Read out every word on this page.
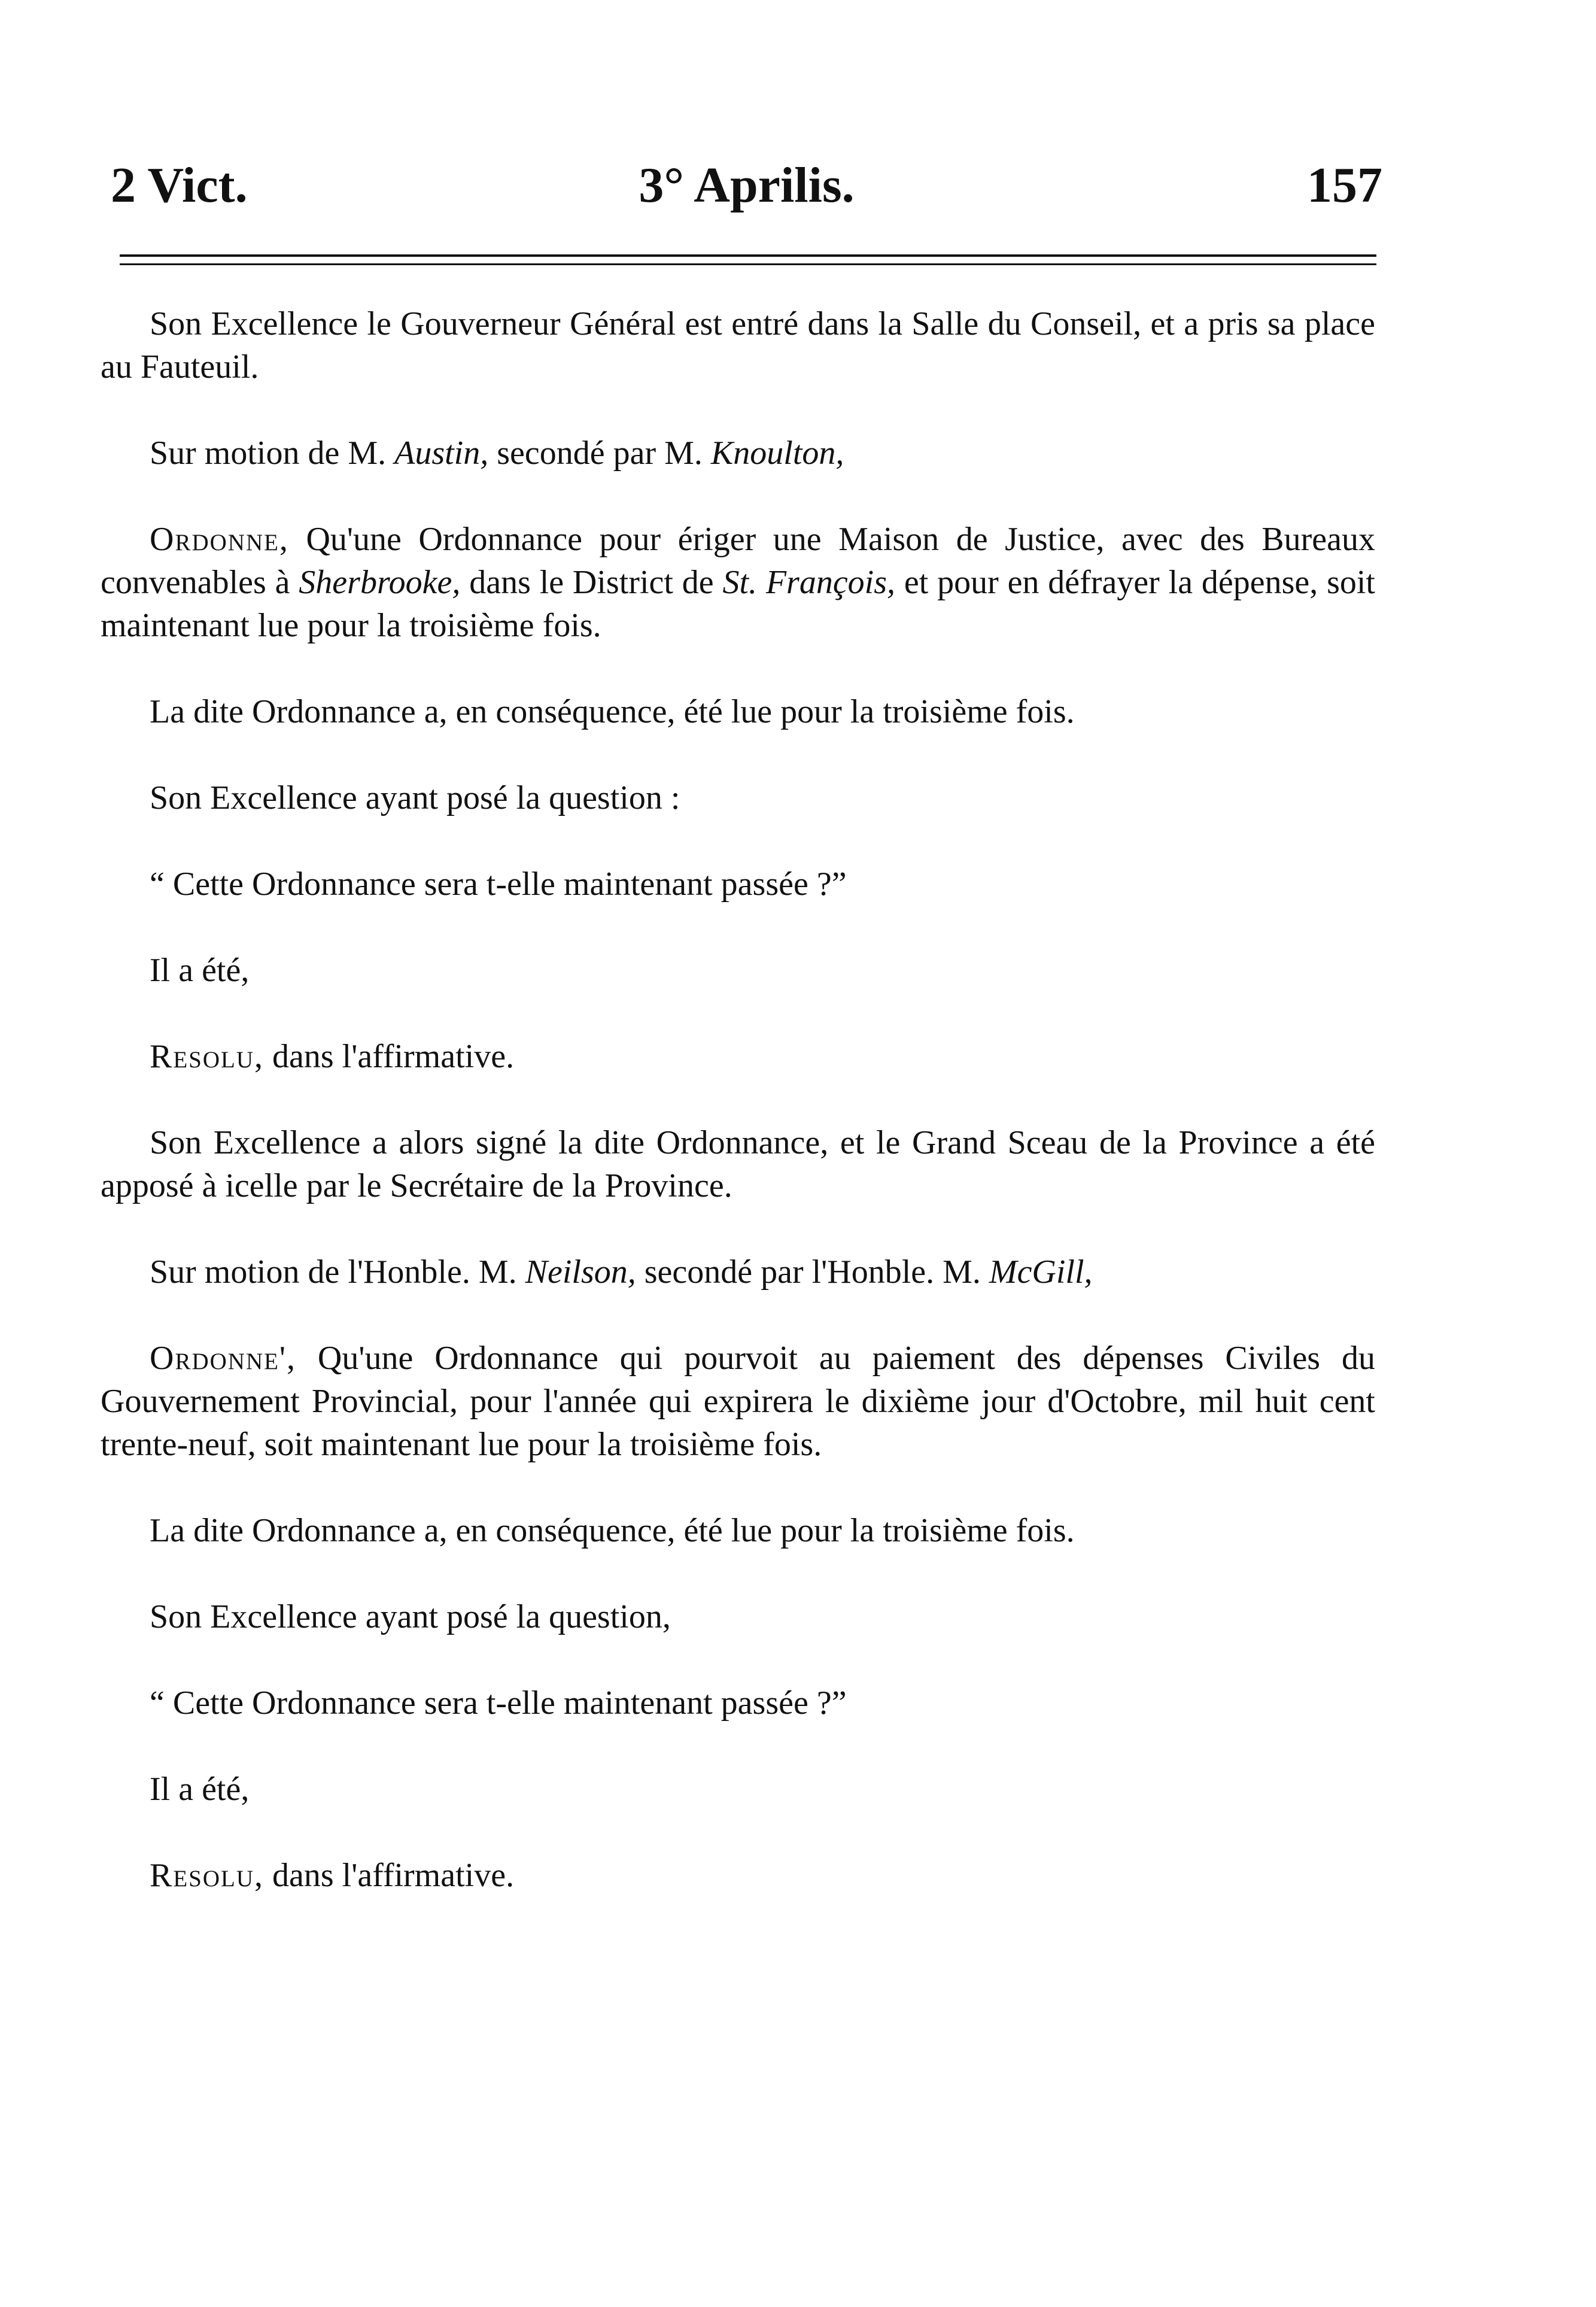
2 Vict.	3° Aprilis.	157

Son Excellence le Gouverneur Général est entré dans la Salle du Conseil, et a pris sa place au Fauteuil.

Sur motion de M. Austin, secondé par M. Knoulton,

Ordonne, Qu'une Ordonnance pour ériger une Maison de Justice, avec des Bureaux convenables à Sherbrooke, dans le District de St. François, et pour en défrayer la dépense, soit maintenant lue pour la troisième fois.

La dite Ordonnance a, en conséquence, été lue pour la troisième fois.

Son Excellence ayant posé la question :

“ Cette Ordonnance sera t-elle maintenant passée ?”

Il a été,

Resolu, dans l'affirmative.

Son Excellence a alors signé la dite Ordonnance, et le Grand Sceau de la Province a été apposé à icelle par le Secrétaire de la Province.

Sur motion de l'Honble. M. Neilson, secondé par l'Honble. M. McGill,

Ordonne', Qu'une Ordonnance qui pourvoit au paiement des dépenses Civiles du Gouvernement Provincial, pour l'année qui expirera le dixième jour d'Octobre, mil huit cent trente-neuf, soit maintenant lue pour la troisième fois.

La dite Ordonnance a, en conséquence, été lue pour la troisième fois.

Son Excellence ayant posé la question,

“ Cette Ordonnance sera t-elle maintenant passée ?”

Il a été,

Resolu, dans l'affirmative.
